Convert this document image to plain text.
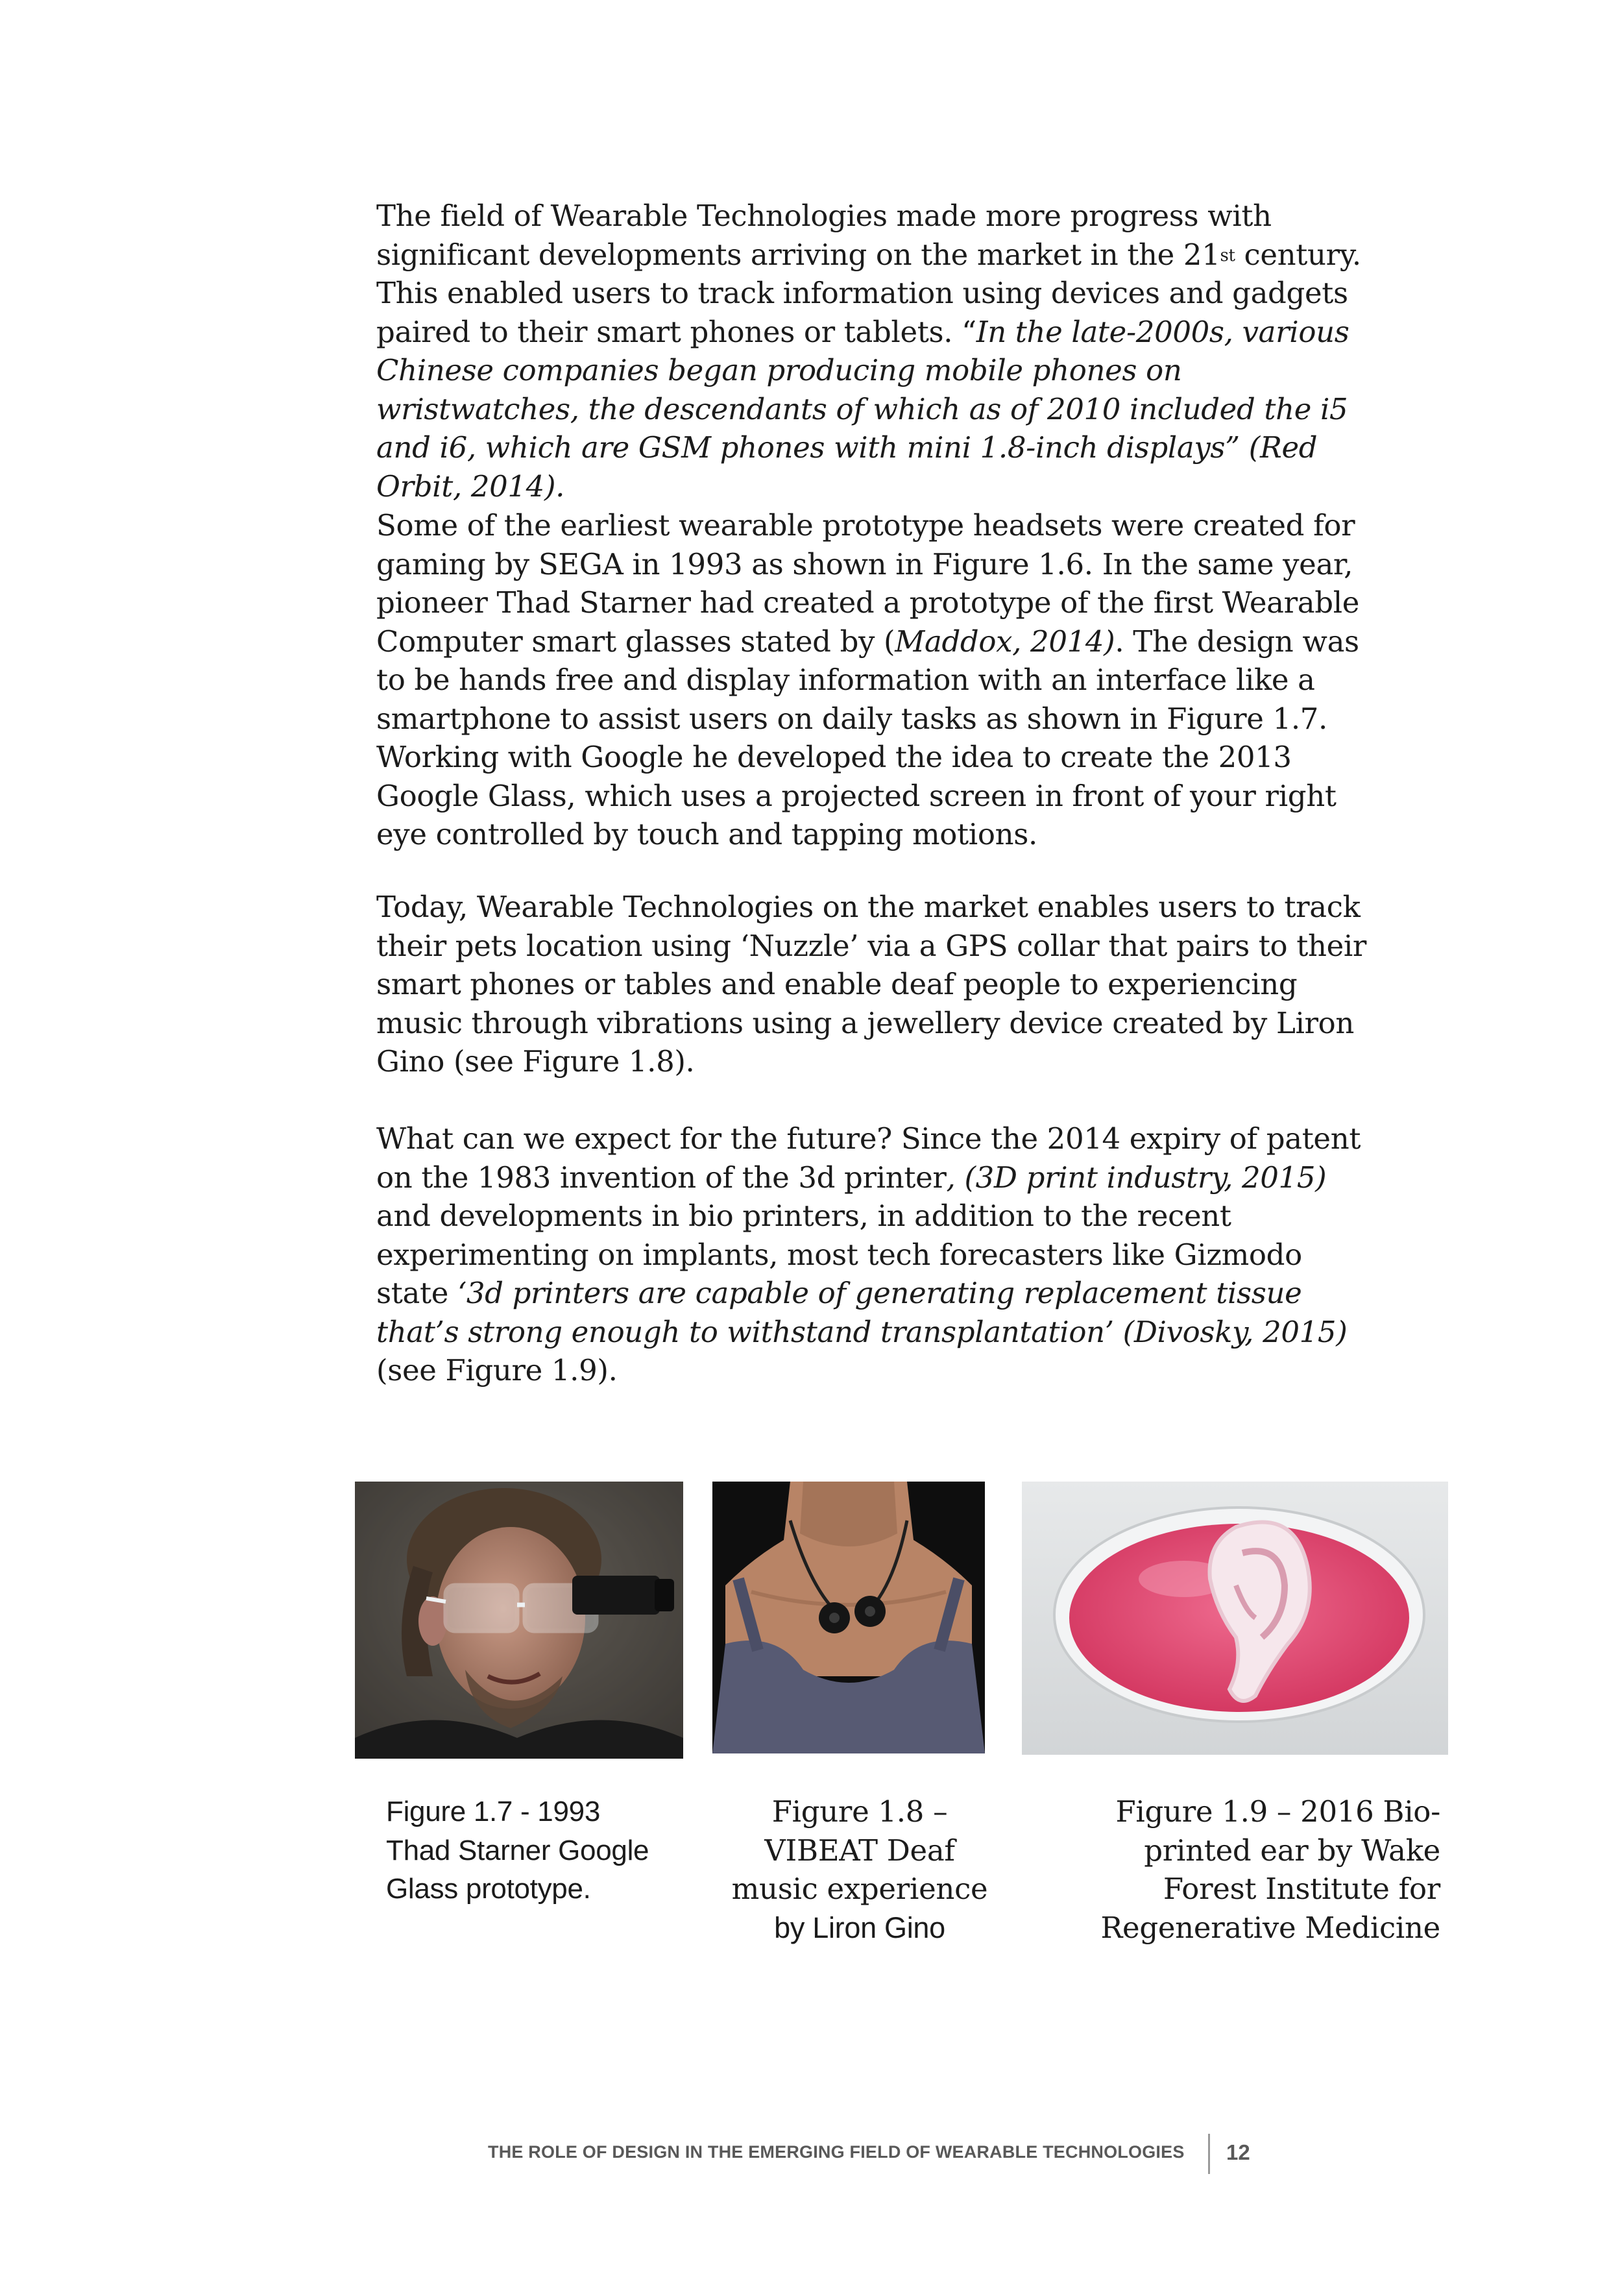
The field of Wearable Technologies made more progress with significant developments arriving on the market in the 21st century. This enabled users to track information using devices and gadgets paired to their smart phones or tablets. “In the late-2000s, various Chinese companies began producing mobile phones on wristwatches, the descendants of which as of 2010 included the i5 and i6, which are GSM phones with mini 1.8-inch displays” (Red Orbit, 2014).

Some of the earliest wearable prototype headsets were created for gaming by SEGA in 1993 as shown in Figure 1.6. In the same year, pioneer Thad Starner had created a prototype of the first Wearable Computer smart glasses stated by (Maddox, 2014). The design was to be hands free and display information with an interface like a smartphone to assist users on daily tasks as shown in Figure 1.7. Working with Google he developed the idea to create the 2013 Google Glass, which uses a projected screen in front of your right eye controlled by touch and tapping motions.

Today, Wearable Technologies on the market enables users to track their pets location using ‘Nuzzle’ via a GPS collar that pairs to their smart phones or tables and enable deaf people to experiencing music through vibrations using a jewellery device created by Liron Gino (see Figure 1.8).

What can we expect for the future? Since the 2014 expiry of patent on the 1983 invention of the 3d printer, (3D print industry, 2015) and developments in bio printers, in addition to the recent experimenting on implants, most tech forecasters like Gizmodo state ‘3d printers are capable of generating replacement tissue that’s strong enough to withstand transplantation’ (Divosky, 2015) (see Figure 1.9).

Figure 1.7 - 1993
Thad Starner Google
Glass prototype.
Figure 1.8 –
VIBEAT Deaf
music experience
by Liron Gino
Figure 1.9 – 2016 Bio-
printed ear by Wake
Forest Institute for
Regenerative Medicine
THE ROLE OF DESIGN IN THE EMERGING FIELD OF WEARABLE TECHNOLOGIES 12
